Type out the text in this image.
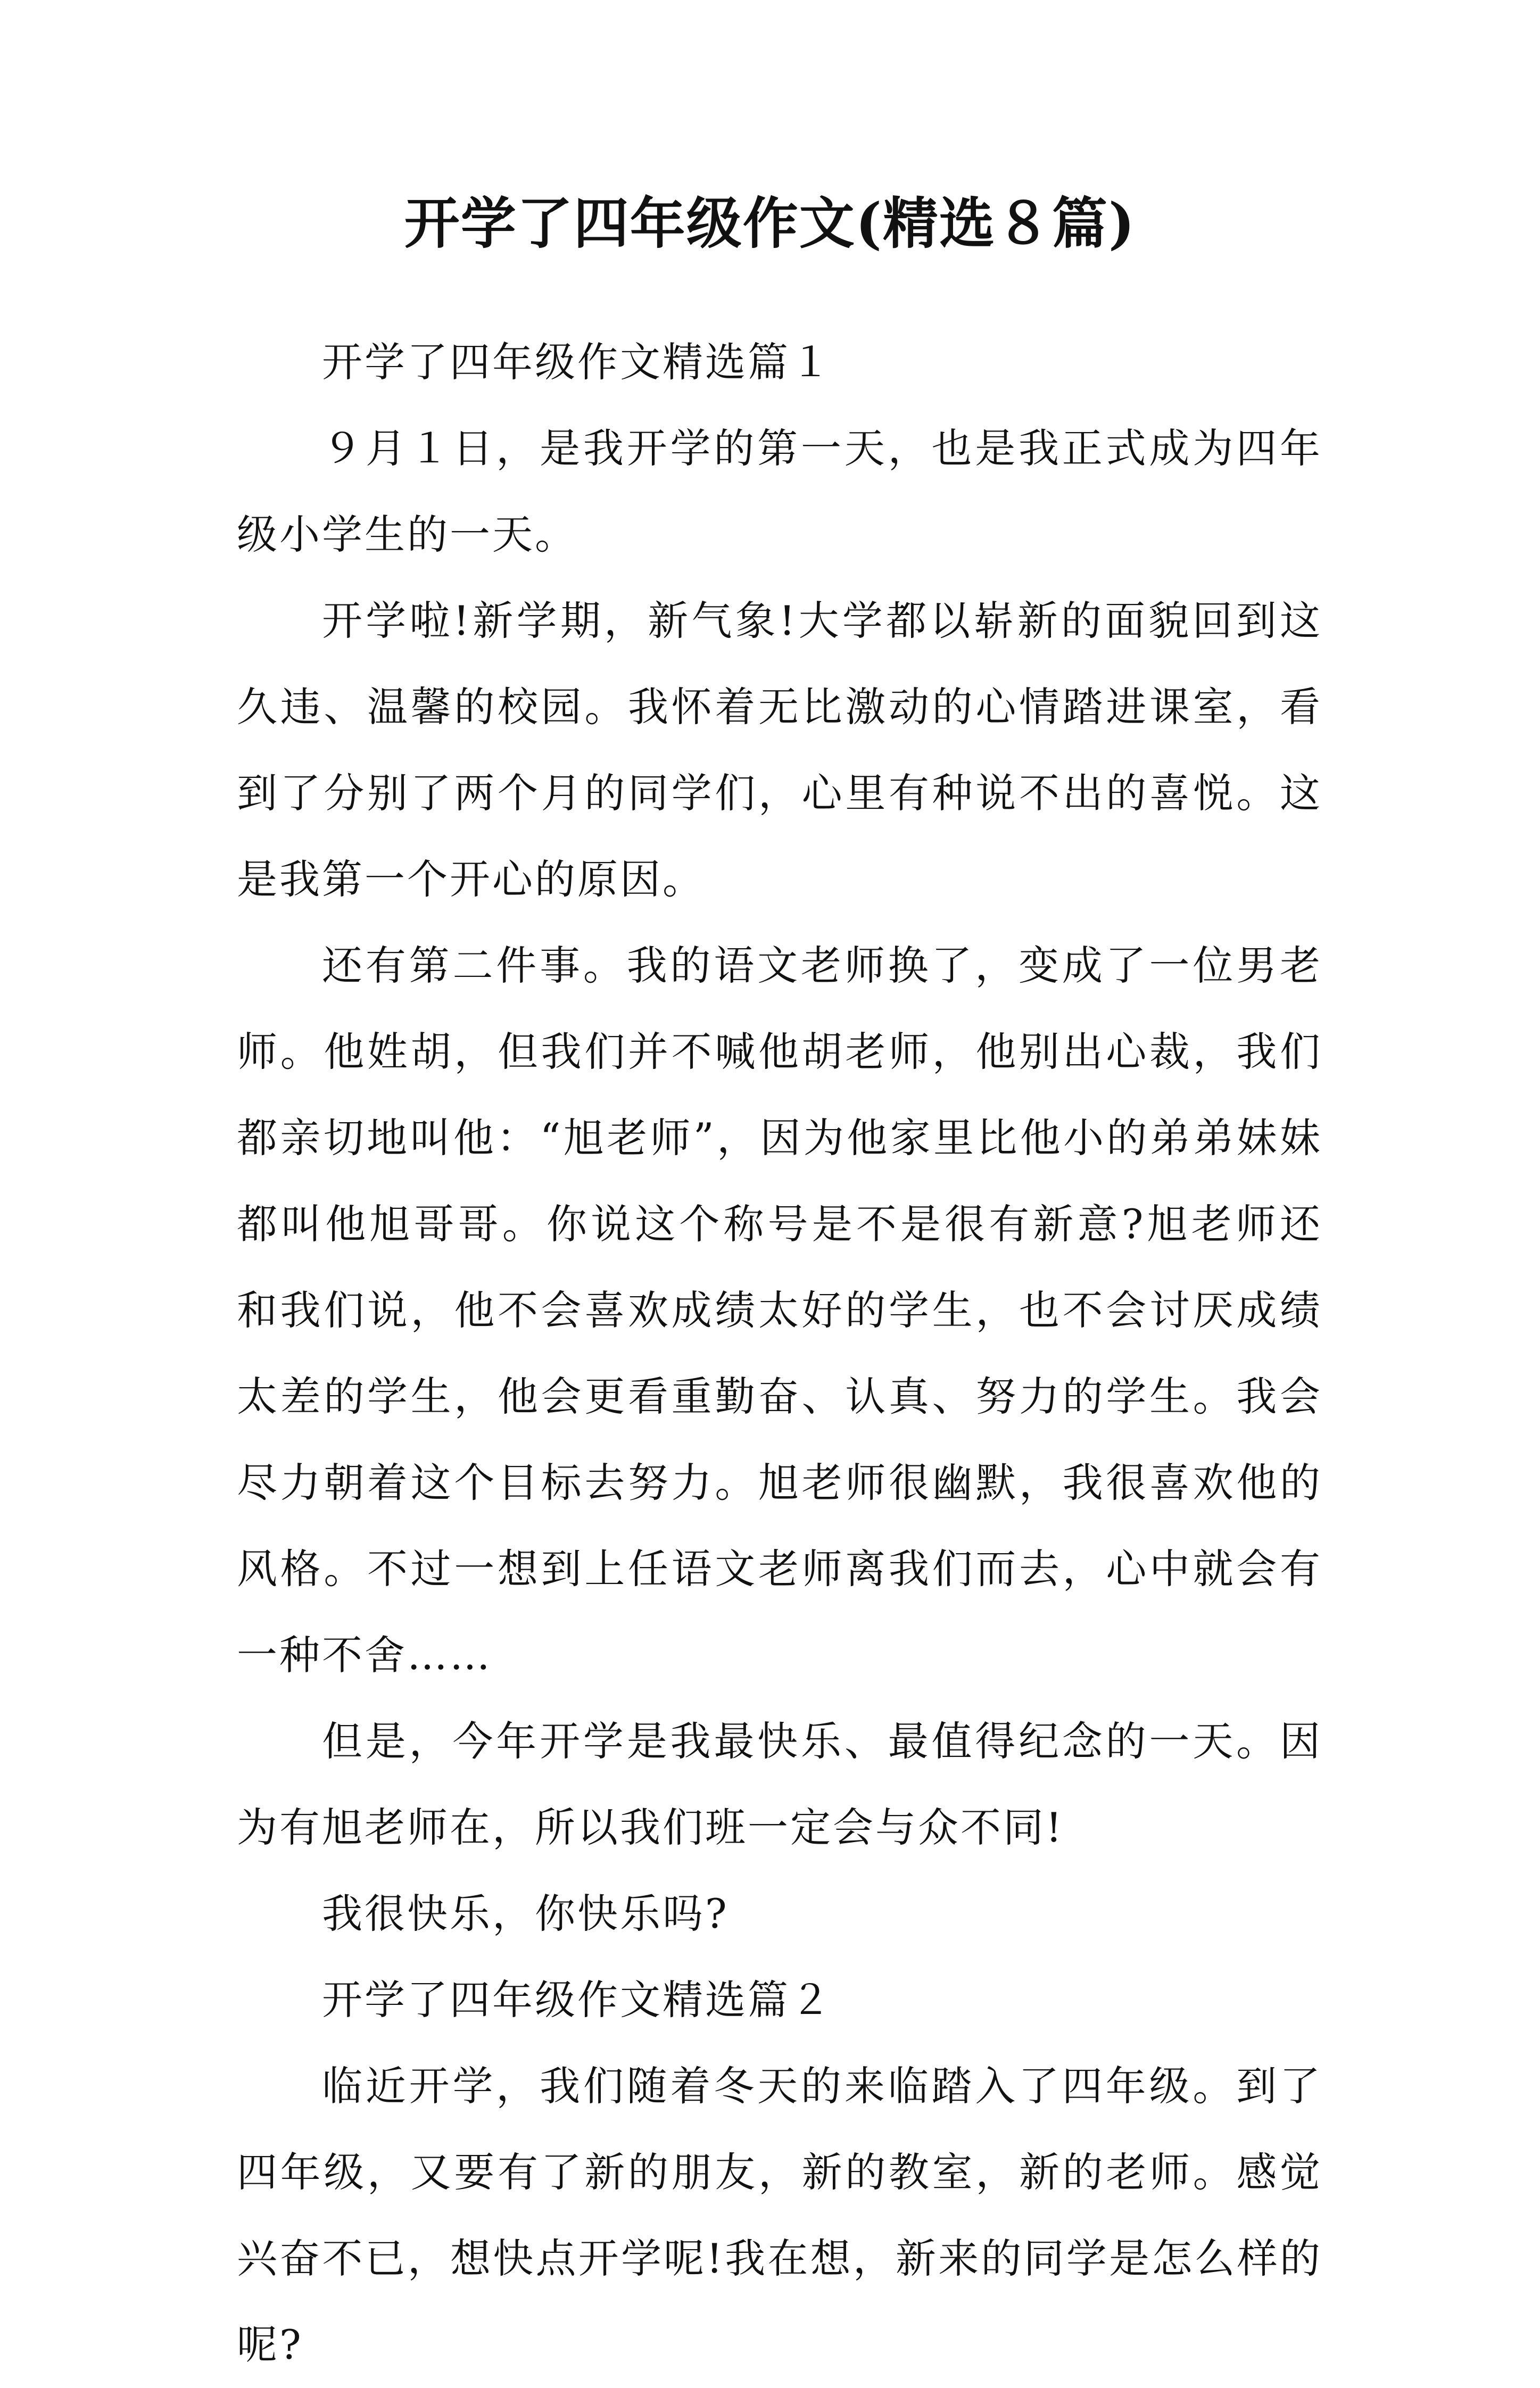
开学了四年级作文(精选８篇)

开学了四年级作文精选篇１

９月１日，是我开学的第一天，也是我正式成为四年级小学生的一天。

开学啦!新学期，新气象!大学都以崭新的面貌回到这久违、温馨的校园。我怀着无比激动的心情踏进课室，看到了分别了两个月的同学们，心里有种说不出的喜悦。这是我第一个开心的原因。

还有第二件事。我的语文老师换了，变成了一位男老师。他姓胡，但我们并不喊他胡老师，他别出心裁，我们都亲切地叫他：“旭老师”，因为他家里比他小的弟弟妹妹都叫他旭哥哥。你说这个称号是不是很有新意?旭老师还和我们说，他不会喜欢成绩太好的学生，也不会讨厌成绩太差的学生，他会更看重勤奋、认真、努力的学生。我会尽力朝着这个目标去努力。旭老师很幽默，我很喜欢他的风格。不过一想到上任语文老师离我们而去，心中就会有一种不舍……

但是，今年开学是我最快乐、最值得纪念的一天。因为有旭老师在，所以我们班一定会与众不同!

我很快乐，你快乐吗?

开学了四年级作文精选篇２

临近开学，我们随着冬天的来临踏入了四年级。到了四年级，又要有了新的朋友，新的教室，新的老师。感觉兴奋不已，想快点开学呢!我在想，新来的同学是怎么样的呢?
